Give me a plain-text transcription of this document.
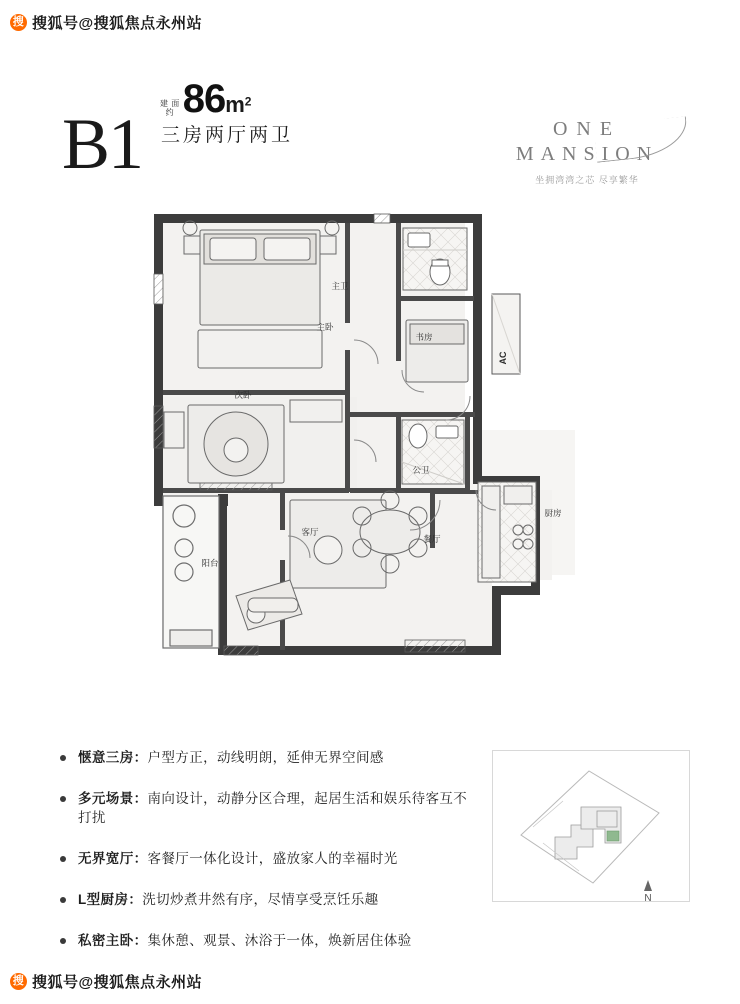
搜 搜狐号@搜狐焦点永州站
B1
建 面
约 $86m^2$
三房两厅两卫	ONE
MANSION
坐拥湾湾之芯 尽享繁华
主卧
主卫
次卧
书房
公卫
厨房
客厅
餐厅
阳台
AC
惬意三房：户型方正，动线明朗，延伸无界空间感
多元场景：南向设计，动静分区合理，起居生活和娱乐待客互不打扰
无界宽厅：客餐厅一体化设计，盛放家人的幸福时光
L型厨房：洗切炒煮井然有序，尽情享受烹饪乐趣
私密主卧：集休憩、观景、沐浴于一体，焕新居住体验
N
搜 搜狐号@搜狐焦点永州站
